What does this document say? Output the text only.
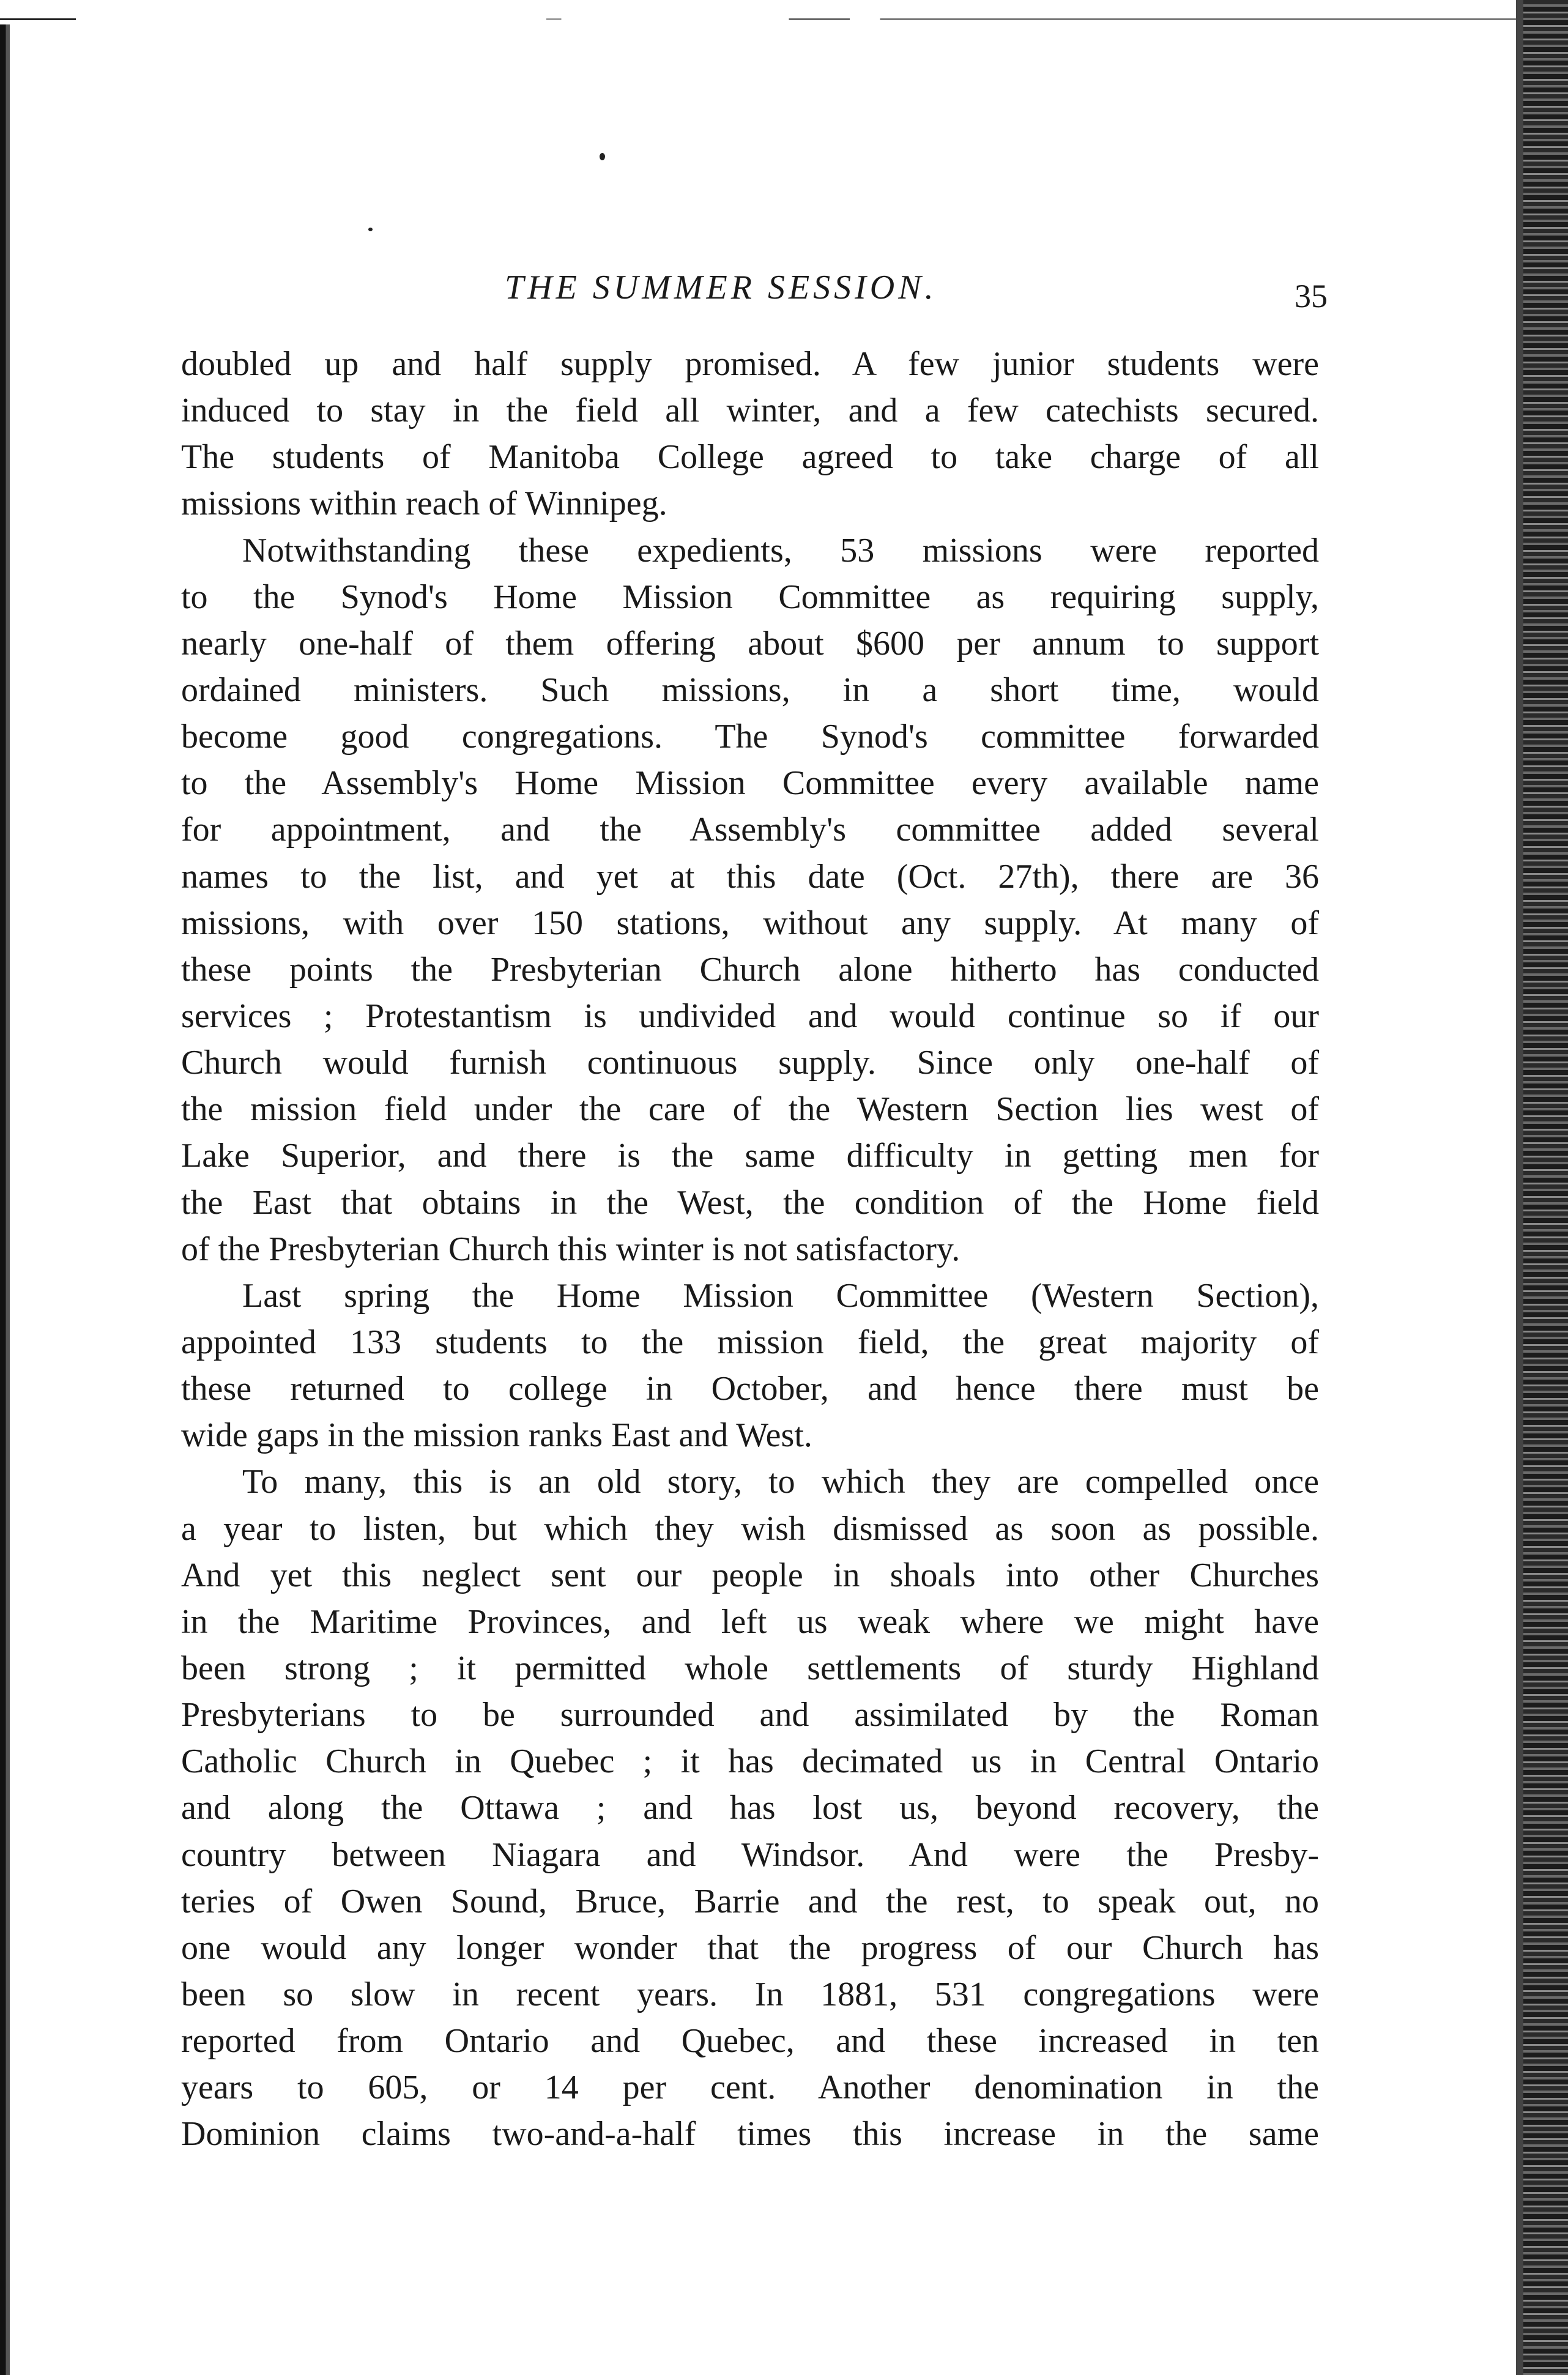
THE SUMMER SESSION.	35
doubled up and half supply promised. A few junior students were
induced to stay in the field all winter, and a few catechists secured.
The students of Manitoba College agreed to take charge of all
missions within reach of Winnipeg.
Notwithstanding these expedients, 53 missions were reported
to the Synod's Home Mission Committee as requiring supply,
nearly one-half of them offering about $600 per annum to support
ordained ministers. Such missions, in a short time, would
become good congregations. The Synod's committee forwarded
to the Assembly's Home Mission Committee every available name
for appointment, and the Assembly's committee added several
names to the list, and yet at this date (Oct. 27th), there are 36
missions, with over 150 stations, without any supply. At many of
these points the Presbyterian Church alone hitherto has conducted
services ; Protestantism is undivided and would continue so if our
Church would furnish continuous supply. Since only one-half of
the mission field under the care of the Western Section lies west of
Lake Superior, and there is the same difficulty in getting men for
the East that obtains in the West, the condition of the Home field
of the Presbyterian Church this winter is not satisfactory.
Last spring the Home Mission Committee (Western Section),
appointed 133 students to the mission field, the great majority of
these returned to college in October, and hence there must be
wide gaps in the mission ranks East and West.
To many, this is an old story, to which they are compelled once
a year to listen, but which they wish dismissed as soon as possible.
And yet this neglect sent our people in shoals into other Churches
in the Maritime Provinces, and left us weak where we might have
been strong ; it permitted whole settlements of sturdy Highland
Presbyterians to be surrounded and assimilated by the Roman
Catholic Church in Quebec ; it has decimated us in Central Ontario
and along the Ottawa ; and has lost us, beyond recovery, the
country between Niagara and Windsor. And were the Presby-
teries of Owen Sound, Bruce, Barrie and the rest, to speak out, no
one would any longer wonder that the progress of our Church has
been so slow in recent years. In 1881, 531 congregations were
reported from Ontario and Quebec, and these increased in ten
years to 605, or 14 per cent. Another denomination in the
Dominion claims two-and-a-half times this increase in the same
